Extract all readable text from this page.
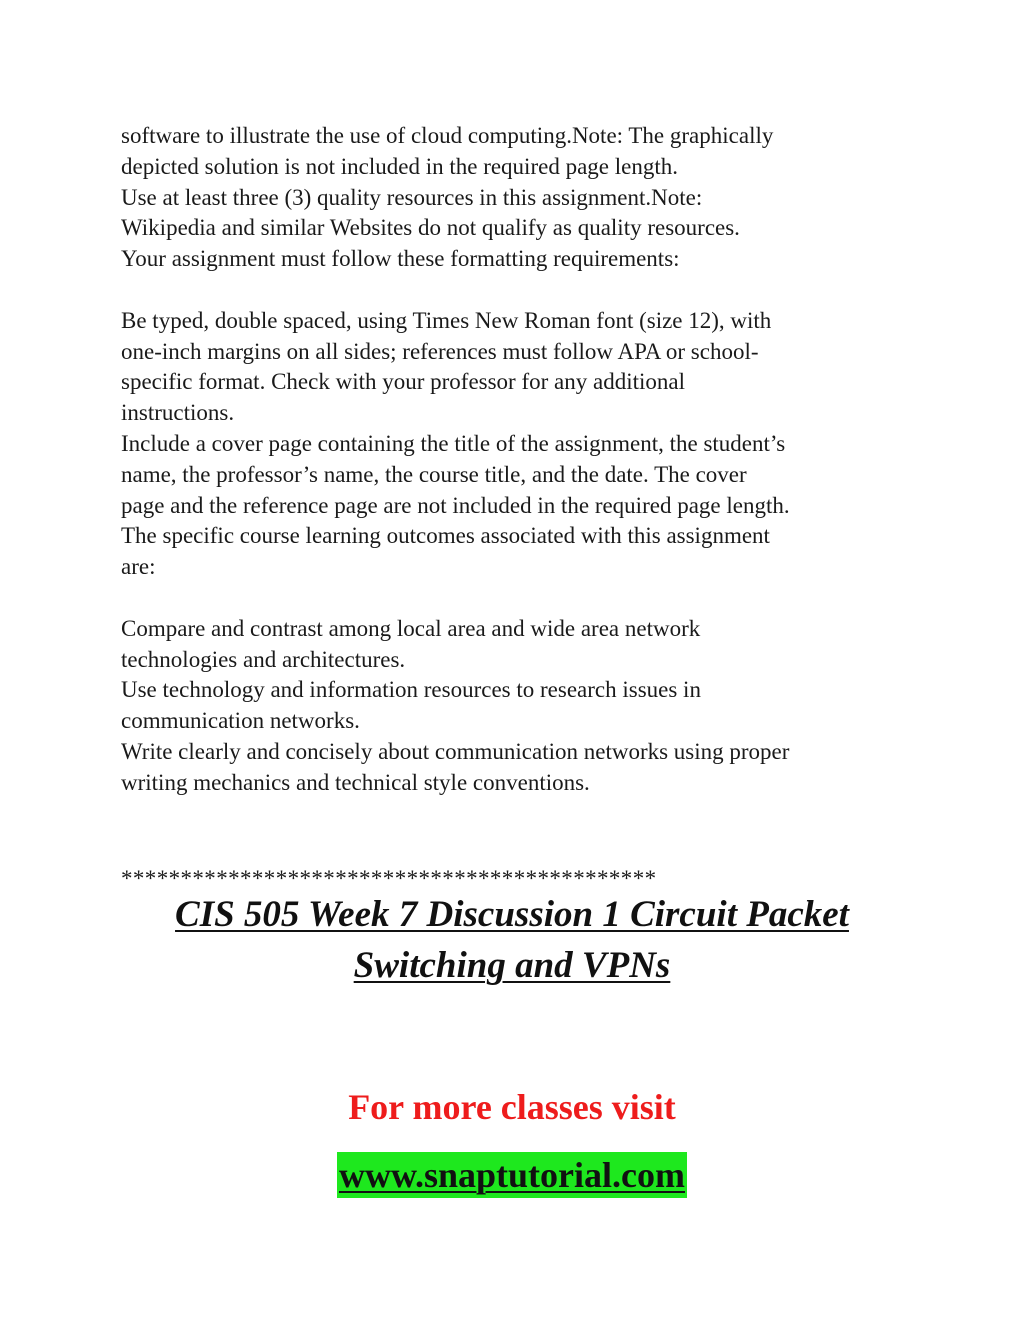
software to illustrate the use of cloud computing.Note: The graphically
depicted solution is not included in the required page length.
Use at least three (3) quality resources in this assignment.Note:
Wikipedia and similar Websites do not qualify as quality resources.
Your assignment must follow these formatting requirements:
Be typed, double spaced, using Times New Roman font (size 12), with
one-inch margins on all sides; references must follow APA or school-
specific format. Check with your professor for any additional
instructions.
Include a cover page containing the title of the assignment, the student’s
name, the professor’s name, the course title, and the date. The cover
page and the reference page are not included in the required page length.
The specific course learning outcomes associated with this assignment
are:
Compare and contrast among local area and wide area network
technologies and architectures.
Use technology and information resources to research issues in
communication networks.
Write clearly and concisely about communication networks using proper
writing mechanics and technical style conventions.
*********************************************
CIS 505 Week 7 Discussion 1 Circuit Packet
Switching and VPNs
For more classes visit
www.snaptutorial.com
